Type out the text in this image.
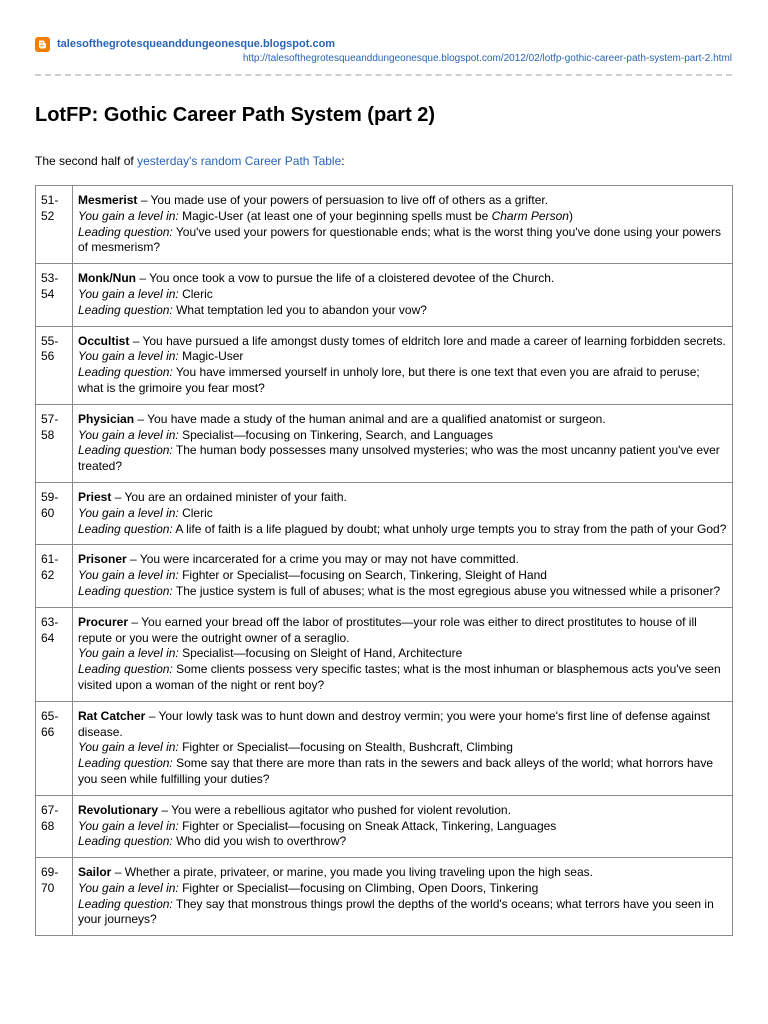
talesofthegrotesqueanddungeonesque.blogspot.com
http://talesofthegrotesqueanddungeonesque.blogspot.com/2012/02/lotfp-gothic-career-path-system-part-2.html
LotFP: Gothic Career Path System (part 2)
The second half of yesterday's random Career Path Table:
51-
52	Mesmerist – You made use of your powers of persuasion to live off of others as a grifter.
You gain a level in: Magic-User (at least one of your beginning spells must be Charm Person)
Leading question: You've used your powers for questionable ends; what is the worst thing you've done using your powers of mesmerism?
53-
54	Monk/Nun – You once took a vow to pursue the life of a cloistered devotee of the Church.
You gain a level in: Cleric
Leading question: What temptation led you to abandon your vow?
55-
56	Occultist – You have pursued a life amongst dusty tomes of eldritch lore and made a career of learning forbidden secrets.
You gain a level in: Magic-User
Leading question: You have immersed yourself in unholy lore, but there is one text that even you are afraid to peruse; what is the grimoire you fear most?
57-
58	Physician – You have made a study of the human animal and are a qualified anatomist or surgeon.
You gain a level in: Specialist—focusing on Tinkering, Search, and Languages
Leading question: The human body possesses many unsolved mysteries; who was the most uncanny patient you've ever treated?
59-
60	Priest – You are an ordained minister of your faith.
You gain a level in: Cleric
Leading question: A life of faith is a life plagued by doubt; what unholy urge tempts you to stray from the path of your God?
61-
62	Prisoner – You were incarcerated for a crime you may or may not have committed.
You gain a level in: Fighter or Specialist—focusing on Search, Tinkering, Sleight of Hand
Leading question: The justice system is full of abuses; what is the most egregious abuse you witnessed while a prisoner?
63-
64	Procurer – You earned your bread off the labor of prostitutes—your role was either to direct prostitutes to house of ill repute or you were the outright owner of a seraglio.
You gain a level in: Specialist—focusing on Sleight of Hand, Architecture
Leading question: Some clients possess very specific tastes; what is the most inhuman or blasphemous acts you've seen visited upon a woman of the night or rent boy?
65-
66	Rat Catcher – Your lowly task was to hunt down and destroy vermin; you were your home's first line of defense against disease.
You gain a level in: Fighter or Specialist—focusing on Stealth, Bushcraft, Climbing
Leading question: Some say that there are more than rats in the sewers and back alleys of the world; what horrors have you seen while fulfilling your duties?
67-
68	Revolutionary – You were a rebellious agitator who pushed for violent revolution.
You gain a level in: Fighter or Specialist—focusing on Sneak Attack, Tinkering, Languages
Leading question: Who did you wish to overthrow?
69-
70	Sailor – Whether a pirate, privateer, or marine, you made you living traveling upon the high seas.
You gain a level in: Fighter or Specialist—focusing on Climbing, Open Doors, Tinkering
Leading question: They say that monstrous things prowl the depths of the world's oceans; what terrors have you seen in your journeys?
